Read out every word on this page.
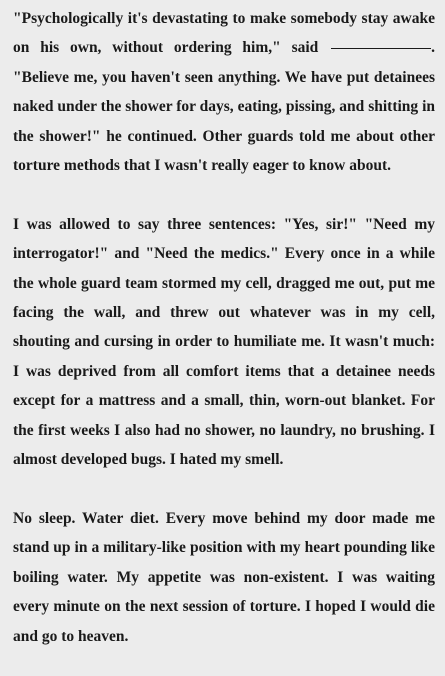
"Psychologically it's devastating to make somebody stay awake on his own, without ordering him," said	. "Believe me, you haven't seen anything. We have put detainees naked under the shower for days, eating, pissing, and shitting in the shower!" he continued. Other guards told me about other torture methods that I wasn't really eager to know about.

I was allowed to say three sentences: "Yes, sir!" "Need my interrogator!" and "Need the medics." Every once in a while the whole guard team stormed my cell, dragged me out, put me facing the wall, and threw out whatever was in my cell, shouting and cursing in order to humiliate me. It wasn't much: I was deprived from all comfort items that a detainee needs except for a mattress and a small, thin, worn-out blanket. For the first weeks I also had no shower, no laundry, no brushing. I almost developed bugs. I hated my smell.

No sleep. Water diet. Every move behind my door made me stand up in a military-like position with my heart pounding like boiling water. My appetite was non-existent. I was waiting every minute on the next session of torture. I hoped I would die and go to heaven.
